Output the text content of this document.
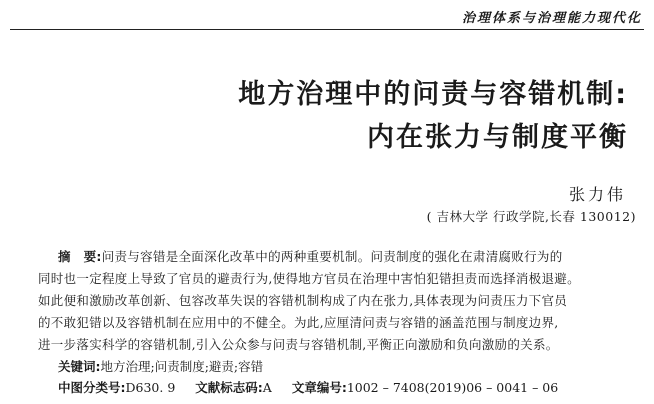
治理体系与治理能力现代化
地方治理中的问责与容错机制:
内在张力与制度平衡
张力伟
( 吉林大学 行政学院,长春 130012)
摘　要:问责与容错是全面深化改革中的两种重要机制。问责制度的强化在肃清腐败行为的
同时也一定程度上导致了官员的避责行为,使得地方官员在治理中害怕犯错担责而选择消极退避。
如此便和激励改革创新、包容改革失误的容错机制构成了内在张力,具体表现为问责压力下官员
的不敢犯错以及容错机制在应用中的不健全。为此,应厘清问责与容错的涵盖范围与制度边界,
进一步落实科学的容错机制,引入公众参与问责与容错机制,平衡正向激励和负向激励的关系。
关键词:地方治理;问责制度;避责;容错
中图分类号:D630. 9 文献标志码:A 文章编号:1002 – 7408(2019)06 – 0041 – 06
